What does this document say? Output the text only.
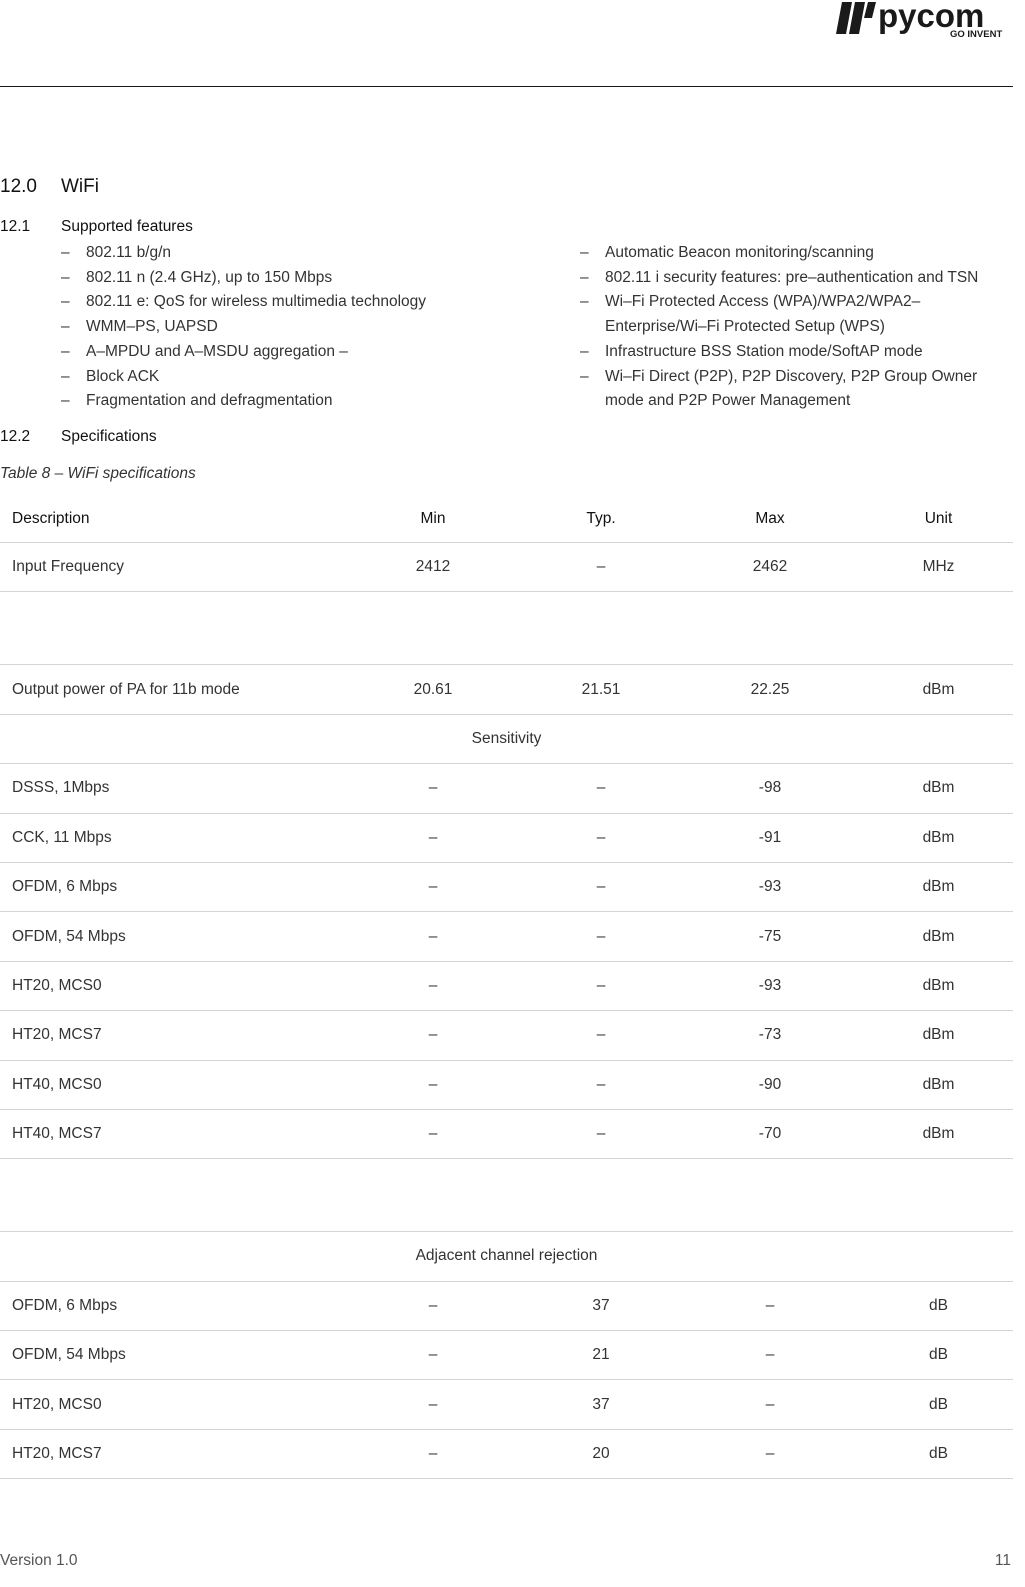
pycom
GO INVENT
12.0 WiFi
12.1 Supported features
–	802.11 b/g/n
–	802.11 n (2.4 GHz), up to 150 Mbps
–	802.11 e: QoS for wireless multimedia technology
–	WMM–PS, UAPSD
–	A–MPDU and A–MSDU aggregation –
–	Block ACK
–	Fragmentation and defragmentation
–	Automatic Beacon monitoring/scanning
–	802.11 i security features: pre–authentication and TSN
–	Wi–Fi Protected Access (WPA)/WPA2/WPA2–Enterprise/Wi–Fi Protected Setup (WPS)
–	Infrastructure BSS Station mode/SoftAP mode
–	Wi–Fi Direct (P2P), P2P Discovery, P2P Group Owner mode and P2P Power Management
12.2 Specifications
Table 8 – WiFi specifications
Description	Min	Typ.	Max	Unit
Input Frequency	2412	–	2462	MHz

Output power of PA for 11b mode	20.61	21.51	22.25	dBm
Sensitivity				
DSSS, 1Mbps	–	–	-98	dBm
CCK, 11 Mbps	–	–	-91	dBm
OFDM, 6 Mbps	–	–	-93	dBm
OFDM, 54 Mbps	–	–	-75	dBm
HT20, MCS0	–	–	-93	dBm
HT20, MCS7	–	–	-73	dBm
HT40, MCS0	–	–	-90	dBm
HT40, MCS7	–	–	-70	dBm

Adjacent channel rejection				
OFDM, 6 Mbps	–	37	–	dB
OFDM, 54 Mbps	–	21	–	dB
HT20, MCS0	–	37	–	dB
HT20, MCS7	–	20	–	dB
Version 1.0	11
